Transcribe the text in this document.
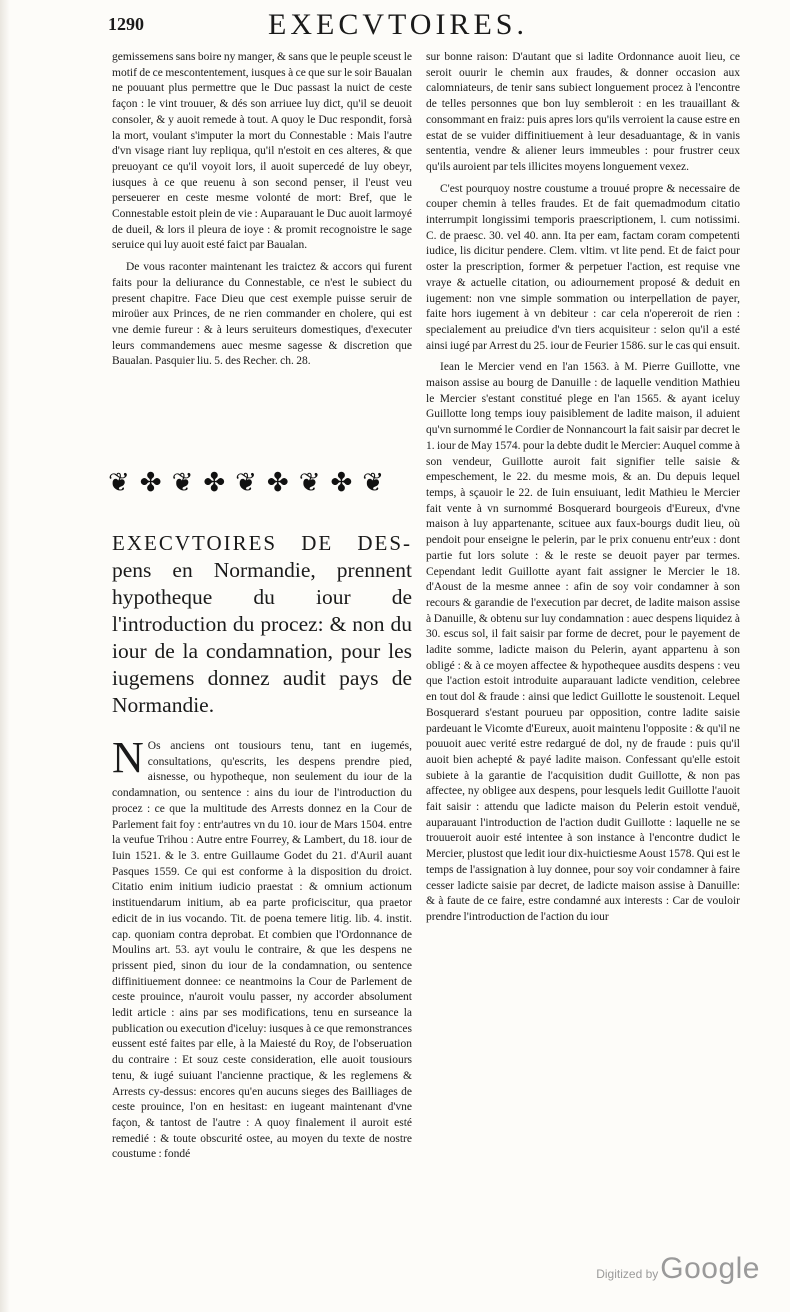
1290	EXECVTOIRES.

gemissemens sans boire ny manger, & sans que le peuple sceust le motif de ce mescontentement, iusques à ce que sur le soir Baualan ne pouuant plus permettre que le Duc passast la nuict de ceste façon : le vint trouuer, & dés son arriuee luy dict, qu'il se deuoit consoler, & y auoit remede à tout. A quoy le Duc respondit, forsà la mort, voulant s'imputer la mort du Connestable : Mais l'autre d'vn visage riant luy repliqua, qu'il n'estoit en ces alteres, & que preuoyant ce qu'il voyoit lors, il auoit supercedé de luy obeyr, iusques à ce que reuenu à son second penser, il l'eust veu perseuerer en ceste mesme volonté de mort: Bref, que le Connestable estoit plein de vie : Auparauant le Duc auoit larmoyé de dueil, & lors il pleura de ioye : & promit recognoistre le sage seruice qui luy auoit esté faict par Baualan.

De vous raconter maintenant les traictez & accors qui furent faits pour la deliurance du Connestable, ce n'est le subiect du present chapitre. Face Dieu que cest exemple puisse seruir de miroüer aux Princes, de ne rien commander en cholere, qui est vne demie fureur : & à leurs seruiteurs domestiques, d'executer leurs commandemens auec mesme sagesse & discretion que Baualan. Pasquier liu. 5. des Recher. ch. 28.

❦ ✤ ❦ ✤ ❦ ✤ ❦ ✤ ❦
EXECVTOIRES DE DES- pens en Normandie, prennent hypotheque du iour de l'introduction du procez: & non du iour de la condamnation, pour les iugemens donnez audit pays de Normandie.

N Os anciens ont tousiours tenu, tant en iugemés, consultations, qu'escrits, les despens prendre pied, aisnesse, ou hypotheque, non seulement du iour de la condamnation, ou sentence : ains du iour de l'introduction du procez : ce que la multitude des Arrests donnez en la Cour de Parlement fait foy : entr'autres vn du 10. iour de Mars 1504. entre la veufue Trihou : Autre entre Fourrey, & Lambert, du 18. iour de Iuin 1521. & le 3. entre Guillaume Godet du 21. d'Auril auant Pasques 1559. Ce qui est conforme à la disposition du droict. Citatio enim initium iudicio praestat : & omnium actionum instituendarum initium, ab ea parte proficiscitur, qua praetor edicit de in ius vocando. Tit. de poena temere litig. lib. 4. instit. cap. quoniam contra deprobat. Et combien que l'Ordonnance de Moulins art. 53. ayt voulu le contraire, & que les despens ne prissent pied, sinon du iour de la condamnation, ou sentence diffinitiuement donnee: ce neantmoins la Cour de Parlement de ceste prouince, n'auroit voulu passer, ny accorder absolument ledit article : ains par ses modifications, tenu en surseance la publication ou execution d'iceluy: iusques à ce que remonstrances eussent esté faites par elle, à la Maiesté du Roy, de l'obseruation du contraire : Et souz ceste consideration, elle auoit tousiours tenu, & iugé suiuant l'ancienne practique, & les reglemens & Arrests cy-dessus: encores qu'en aucuns sieges des Bailliages de ceste prouince, l'on en hesitast: en iugeant maintenant d'vne façon, & tantost de l'autre : A quoy finalement il auroit esté remedié : & toute obscurité ostee, au moyen du texte de nostre coustume : fondé

sur bonne raison: D'autant que si ladite Ordonnance auoit lieu, ce seroit ouurir le chemin aux fraudes, & donner occasion aux calomniateurs, de tenir sans subiect longuement procez à l'encontre de telles personnes que bon luy sembleroit : en les trauaillant & consommant en fraiz: puis apres lors qu'ils verroient la cause estre en estat de se vuider diffinitiuement à leur desaduantage, & in vanis sententia, vendre & aliener leurs immeubles : pour frustrer ceux qu'ils auroient par tels illicites moyens longuement vexez.

C'est pourquoy nostre coustume a trouué propre & necessaire de couper chemin à telles fraudes. Et de fait quemadmodum citatio interrumpit longissimi temporis praescriptionem, l. cum notissimi. C. de praesc. 30. vel 40. ann. Ita per eam, factam coram competenti iudice, lis dicitur pendere. Clem. vltim. vt lite pend. Et de faict pour oster la prescription, former & perpetuer l'action, est requise vne vraye & actuelle citation, ou adiournement proposé & deduit en iugement: non vne simple sommation ou interpellation de payer, faite hors iugement à vn debiteur : car cela n'opereroit de rien : specialement au preiudice d'vn tiers acquisiteur : selon qu'il a esté ainsi iugé par Arrest du 25. iour de Feurier 1586. sur le cas qui ensuit.

Iean le Mercier vend en l'an 1563. à M. Pierre Guillotte, vne maison assise au bourg de Danuille : de laquelle vendition Mathieu le Mercier s'estant constitué plege en l'an 1565. & ayant iceluy Guillotte long temps iouy paisiblement de ladite maison, il aduient qu'vn surnommé le Cordier de Nonnancourt la fait saisir par decret le 1. iour de May 1574. pour la debte dudit le Mercier: Auquel comme à son vendeur, Guillotte auroit fait signifier telle saisie & empeschement, le 22. du mesme mois, & an. Du depuis lequel temps, à sçauoir le 22. de Iuin ensuiuant, ledit Mathieu le Mercier fait vente à vn surnommé Bosquerard bourgeois d'Eureux, d'vne maison à luy appartenante, scituee aux faux-bourgs dudit lieu, où pendoit pour enseigne le pelerin, par le prix conuenu entr'eux : dont partie fut lors solute : & le reste se deuoit payer par termes. Cependant ledit Guillotte ayant fait assigner le Mercier le 18. d'Aoust de la mesme annee : afin de soy voir condamner à son recours & garandie de l'execution par decret, de ladite maison assise à Danuille, & obtenu sur luy condamnation : auec despens liquidez à 30. escus sol, il fait saisir par forme de decret, pour le payement de ladite somme, ladicte maison du Pelerin, ayant appartenu à son obligé : & à ce moyen affectee & hypothequee ausdits despens : veu que l'action estoit introduite auparauant ladicte vendition, celebree en tout dol & fraude : ainsi que ledict Guillotte le soustenoit. Lequel Bosquerard s'estant pourueu par opposition, contre ladite saisie pardeuant le Vicomte d'Eureux, auoit maintenu l'opposite : & qu'il ne pouuoit auec verité estre redargué de dol, ny de fraude : puis qu'il auoit bien achepté & payé ladite maison. Confessant qu'elle estoit subiete à la garantie de l'acquisition dudit Guillotte, & non pas affectee, ny obligee aux despens, pour lesquels ledit Guillotte l'auoit fait saisir : attendu que ladicte maison du Pelerin estoit venduë, auparauant l'introduction de l'action dudit Guillotte : laquelle ne se trouueroit auoir esté intentee à son instance à l'encontre dudict le Mercier, plustost que ledit iour dix-huictiesme Aoust 1578. Qui est le temps de l'assignation à luy donnee, pour soy voir condamner à faire cesser ladicte saisie par decret, de ladicte maison assise à Danuille: & à faute de ce faire, estre condamné aux interests : Car de vouloir prendre l'introduction de l'action du iour

Digitized by Google
